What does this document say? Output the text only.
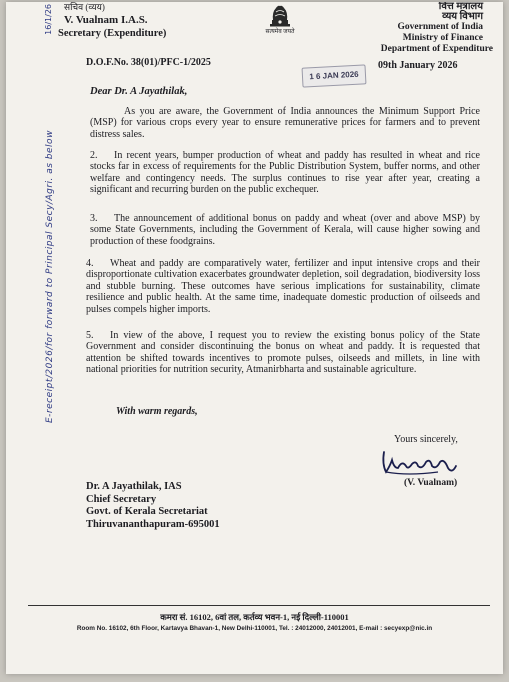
सचिव (व्यय)
V. Vualnam I.A.S.
Secretary (Expenditure)	सत्यमेव जयते
वित्त मंत्रालय
व्यय विभाग
Government of India
Ministry of Finance
Department of Expenditure
D.O.F.No. 38(01)/PFC-1/2025
1 6 JAN 2026
09th January 2026
16/1/26
E-receipt/2026/for forward to Principal Secy/Agri. as below
Dear Dr. A Jayathilak,
As you are aware, the Government of India announces the Minimum Support Price (MSP) for various crops every year to ensure remunerative prices for farmers and to prevent distress sales.
2. In recent years, bumper production of wheat and paddy has resulted in wheat and rice stocks far in excess of requirements for the Public Distribution System, buffer norms, and other welfare and contingency needs. The surplus continues to rise year after year, creating a significant and recurring burden on the public exchequer.
3. The announcement of additional bonus on paddy and wheat (over and above MSP) by some State Governments, including the Government of Kerala, will cause higher sowing and production of these foodgrains.
4. Wheat and paddy are comparatively water, fertilizer and input intensive crops and their disproportionate cultivation exacerbates groundwater depletion, soil degradation, biodiversity loss and stubble burning. These outcomes have serious implications for sustainability, climate resilience and public health. At the same time, inadequate domestic production of oilseeds and pulses compels higher imports.
5. In view of the above, I request you to review the existing bonus policy of the State Government and consider discontinuing the bonus on wheat and paddy. It is requested that attention be shifted towards incentives to promote pulses, oilseeds and millets, in line with national priorities for nutrition security, Atmanirbharta and sustainable agriculture.
With warm regards,
Yours sincerely,
(V. Vualnam)
Dr. A Jayathilak, IAS
Chief Secretary
Govt. of Kerala Secretariat
Thiruvananthapuram-695001
कमरा सं. 16102, 6वां तल, कर्तव्य भवन-1, नई दिल्ली-110001
Room No. 16102, 6th Floor, Kartavya Bhavan-1, New Delhi-110001, Tel. : 24012000, 24012001, E-mail : secyexp@nic.in
